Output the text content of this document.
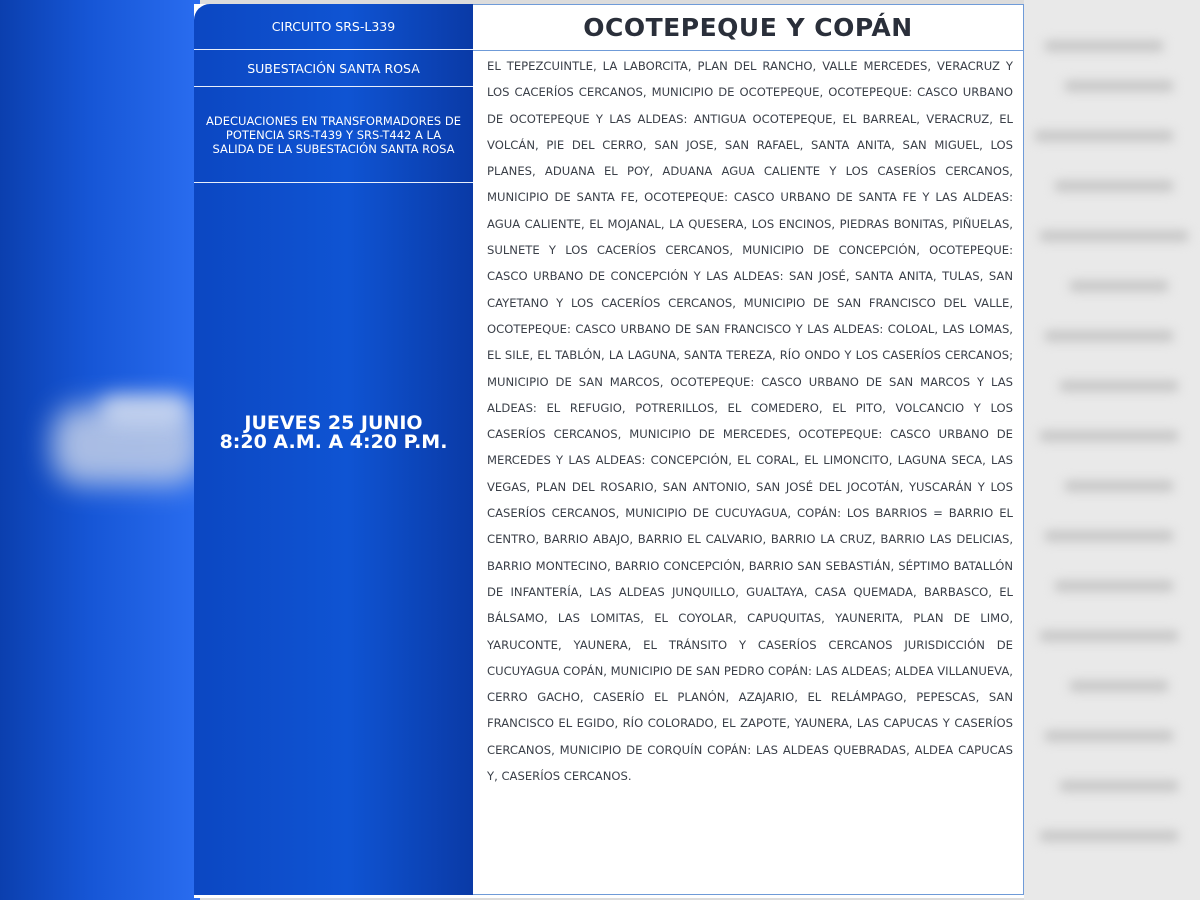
CIRCUITO SRS-L339
SUBESTACIÓN SANTA ROSA
ADECUACIONES EN TRANSFORMADORES DE POTENCIA SRS-T439 Y SRS-T442 A LA SALIDA DE LA SUBESTACIÓN SANTA ROSA
JUEVES 25 JUNIO
8:20 A.M. A 4:20 P.M.
OCOTEPEQUE Y COPÁN
EL TEPEZCUINTLE, LA LABORCITA, PLAN DEL RANCHO, VALLE MERCEDES, VERACRUZ Y LOS CACERÍOS CERCANOS, MUNICIPIO DE OCOTEPEQUE, OCOTEPEQUE: CASCO URBANO DE OCOTEPEQUE Y LAS ALDEAS: ANTIGUA OCOTEPEQUE, EL BARREAL, VERACRUZ, EL VOLCÁN, PIE DEL CERRO, SAN JOSE, SAN RAFAEL, SANTA ANITA, SAN MIGUEL, LOS PLANES, ADUANA EL POY, ADUANA AGUA CALIENTE Y LOS CASERÍOS CERCANOS, MUNICIPIO DE SANTA FE, OCOTEPEQUE: CASCO URBANO DE SANTA FE Y LAS ALDEAS: AGUA CALIENTE, EL MOJANAL, LA QUESERA, LOS ENCINOS, PIEDRAS BONITAS, PIÑUELAS, SULNETE Y LOS CACERÍOS CERCANOS, MUNICIPIO DE CONCEPCIÓN, OCOTEPEQUE: CASCO URBANO DE CONCEPCIÓN Y LAS ALDEAS: SAN JOSÉ, SANTA ANITA, TULAS, SAN CAYETANO Y LOS CACERÍOS CERCANOS, MUNICIPIO DE SAN FRANCISCO DEL VALLE, OCOTEPEQUE: CASCO URBANO DE SAN FRANCISCO Y LAS ALDEAS: COLOAL, LAS LOMAS, EL SILE, EL TABLÓN, LA LAGUNA, SANTA TEREZA, RÍO ONDO Y LOS CASERÍOS CERCANOS; MUNICIPIO DE SAN MARCOS, OCOTEPEQUE: CASCO URBANO DE SAN MARCOS Y LAS ALDEAS: EL REFUGIO, POTRERILLOS, EL COMEDERO, EL PITO, VOLCANCIO Y LOS CASERÍOS CERCANOS, MUNICIPIO DE MERCEDES, OCOTEPEQUE: CASCO URBANO DE MERCEDES Y LAS ALDEAS: CONCEPCIÓN, EL CORAL, EL LIMONCITO, LAGUNA SECA, LAS VEGAS, PLAN DEL ROSARIO, SAN ANTONIO, SAN JOSÉ DEL JOCOTÁN, YUSCARÁN Y LOS CASERÍOS CERCANOS, MUNICIPIO DE CUCUYAGUA, COPÁN: LOS BARRIOS = BARRIO EL CENTRO, BARRIO ABAJO, BARRIO EL CALVARIO, BARRIO LA CRUZ, BARRIO LAS DELICIAS, BARRIO MONTECINO, BARRIO CONCEPCIÓN, BARRIO SAN SEBASTIÁN, SÉPTIMO BATALLÓN DE INFANTERÍA, LAS ALDEAS JUNQUILLO, GUALTAYA, CASA QUEMADA, BARBASCO, EL BÁLSAMO, LAS LOMITAS, EL COYOLAR, CAPUQUITAS, YAUNERITA, PLAN DE LIMO, YARUCONTE, YAUNERA, EL TRÁNSITO Y CASERÍOS CERCANOS JURISDICCIÓN DE CUCUYAGUA COPÁN, MUNICIPIO DE SAN PEDRO COPÁN: LAS ALDEAS; ALDEA VILLANUEVA, CERRO GACHO, CASERÍO EL PLANÓN, AZAJARIO, EL RELÁMPAGO, PEPESCAS, SAN FRANCISCO EL EGIDO, RÍO COLORADO, EL ZAPOTE, YAUNERA, LAS CAPUCAS Y CASERÍOS CERCANOS, MUNICIPIO DE CORQUÍN COPÁN: LAS ALDEAS QUEBRADAS, ALDEA CAPUCAS Y, CASERÍOS CERCANOS.
